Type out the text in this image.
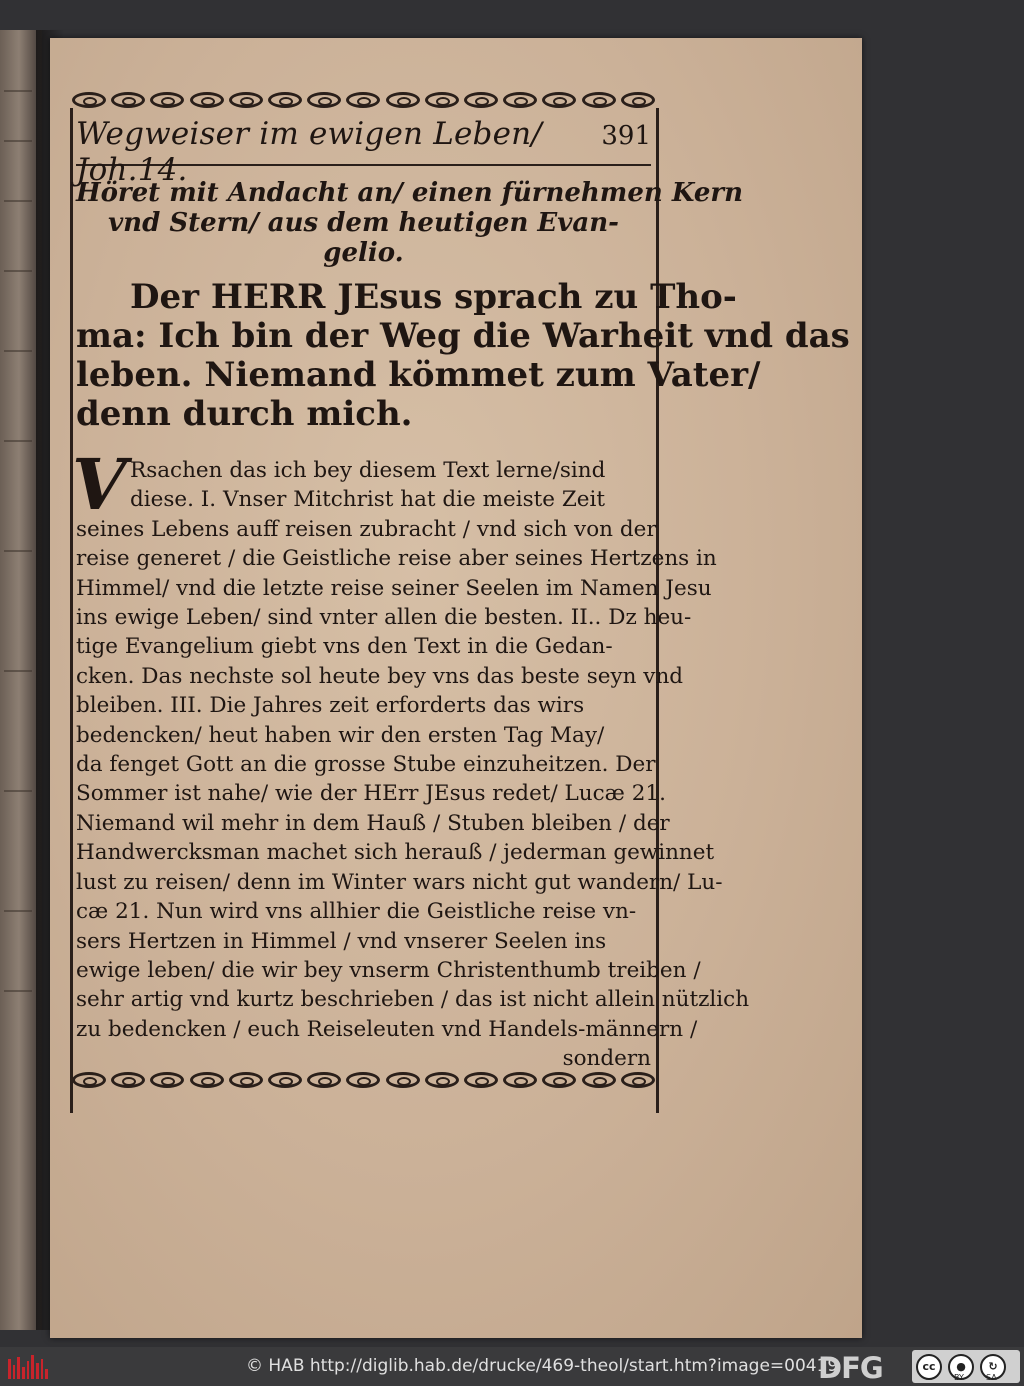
Wegweiser im ewigen Leben/ Joh.14.
391
Höret mit Andacht an/ einen fürnehmen Kern
vnd Stern/ aus dem heutigen Evan-
gelio.
Der HERR JEsus sprach zu Tho-
ma: Ich bin der Weg die Warheit vnd das
leben. Niemand kömmet zum Vater/
denn durch mich.
V Rsachen das ich bey diesem Text lerne/sind
diese. I. Vnser Mitchrist hat die meiste Zeit
seines Lebens auff reisen zubracht / vnd sich von der
reise generet / die Geistliche reise aber seines Hertzens in
Himmel/ vnd die letzte reise seiner Seelen im Namen Jesu
ins ewige Leben/ sind vnter allen die besten. II.. Dz heu-
tige Evangelium giebt vns den Text in die Gedan-
cken. Das nechste sol heute bey vns das beste seyn vnd
bleiben. III. Die Jahres zeit erforderts das wirs
bedencken/ heut haben wir den ersten Tag May/
da fenget Gott an die grosse Stube einzuheitzen. Der
Sommer ist nahe/ wie der HErr JEsus redet/ Lucæ 21.
Niemand wil mehr in dem Hauß / Stuben bleiben / der
Handwercksman machet sich herauß / jederman gewinnet
lust zu reisen/ denn im Winter wars nicht gut wandern/ Lu-
cæ 21. Nun wird vns allhier die Geistliche reise vn-
sers Hertzen in Himmel / vnd vnserer Seelen ins
ewige leben/ die wir bey vnserm Christenthumb treiben /
sehr artig vnd kurtz beschrieben / das ist nicht allein nützlich
zu bedencken / euch Reiseleuten vnd Handels-männern /
sondern
© HAB http://diglib.hab.de/drucke/469-theol/start.htm?image=00419
DFG	cc	●	↻
BY	SA
